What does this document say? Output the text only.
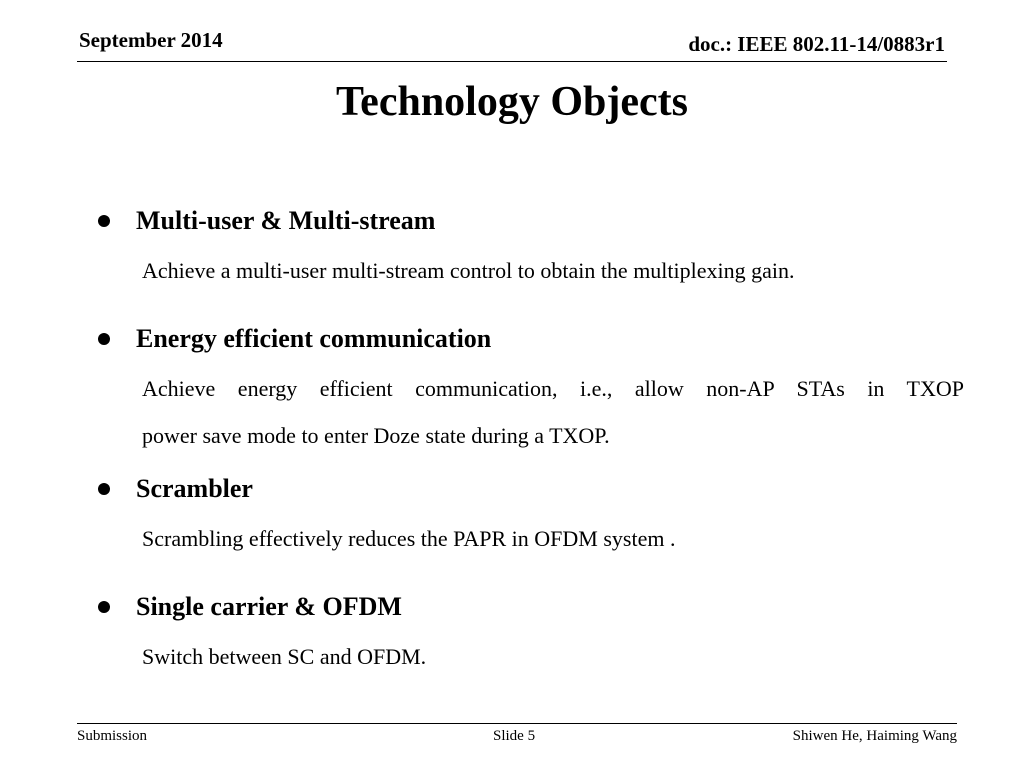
September 2014	doc.: IEEE 802.11-14/0883r1
Technology Objects
Multi-user & Multi-stream
Achieve a multi-user multi-stream control to obtain the multiplexing gain.
Energy efficient communication
Achieve energy efficient communication, i.e., allow non-AP STAs in TXOP
power save mode to enter Doze state during a TXOP.
Scrambler
Scrambling effectively reduces the PAPR in OFDM system .
Single carrier & OFDM
Switch between SC and OFDM.
Submission	Slide 5	Shiwen He, Haiming Wang
